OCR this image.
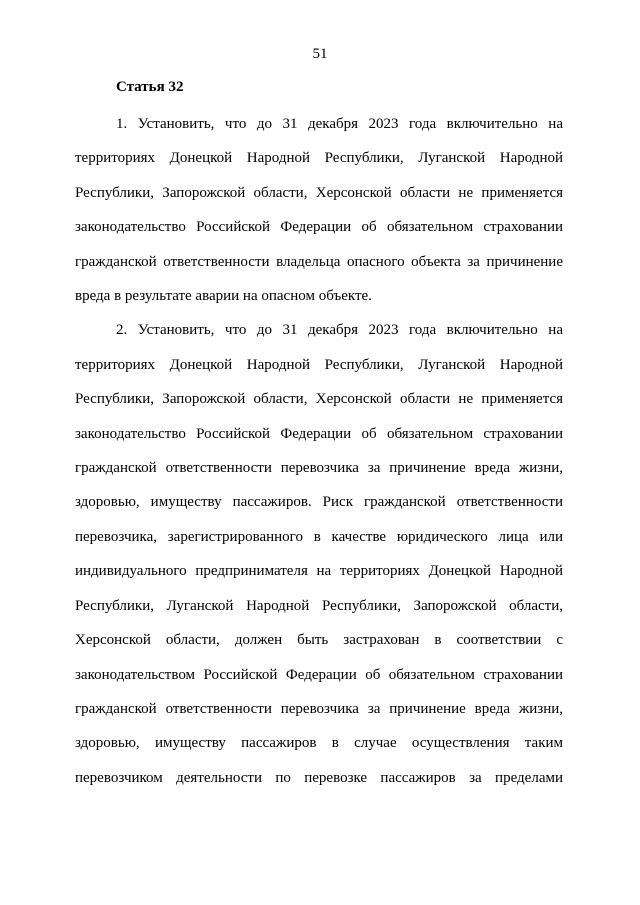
51
Статья 32
1. Установить, что до 31 декабря 2023 года включительно на
территориях Донецкой Народной Республики, Луганской Народной
Республики, Запорожской области, Херсонской области не применяется
законодательство Российской Федерации об обязательном страховании
гражданской ответственности владельца опасного объекта за причинение
вреда в результате аварии на опасном объекте.
2. Установить, что до 31 декабря 2023 года включительно на
территориях Донецкой Народной Республики, Луганской Народной
Республики, Запорожской области, Херсонской области не применяется
законодательство Российской Федерации об обязательном страховании
гражданской ответственности перевозчика за причинение вреда жизни,
здоровью, имуществу пассажиров. Риск гражданской ответственности
перевозчика, зарегистрированного в качестве юридического лица или
индивидуального предпринимателя на территориях Донецкой Народной
Республики, Луганской Народной Республики, Запорожской области,
Херсонской области, должен быть застрахован в соответствии с
законодательством Российской Федерации об обязательном страховании
гражданской ответственности перевозчика за причинение вреда жизни,
здоровью, имуществу пассажиров в случае осуществления таким
перевозчиком деятельности по перевозке пассажиров за пределами
